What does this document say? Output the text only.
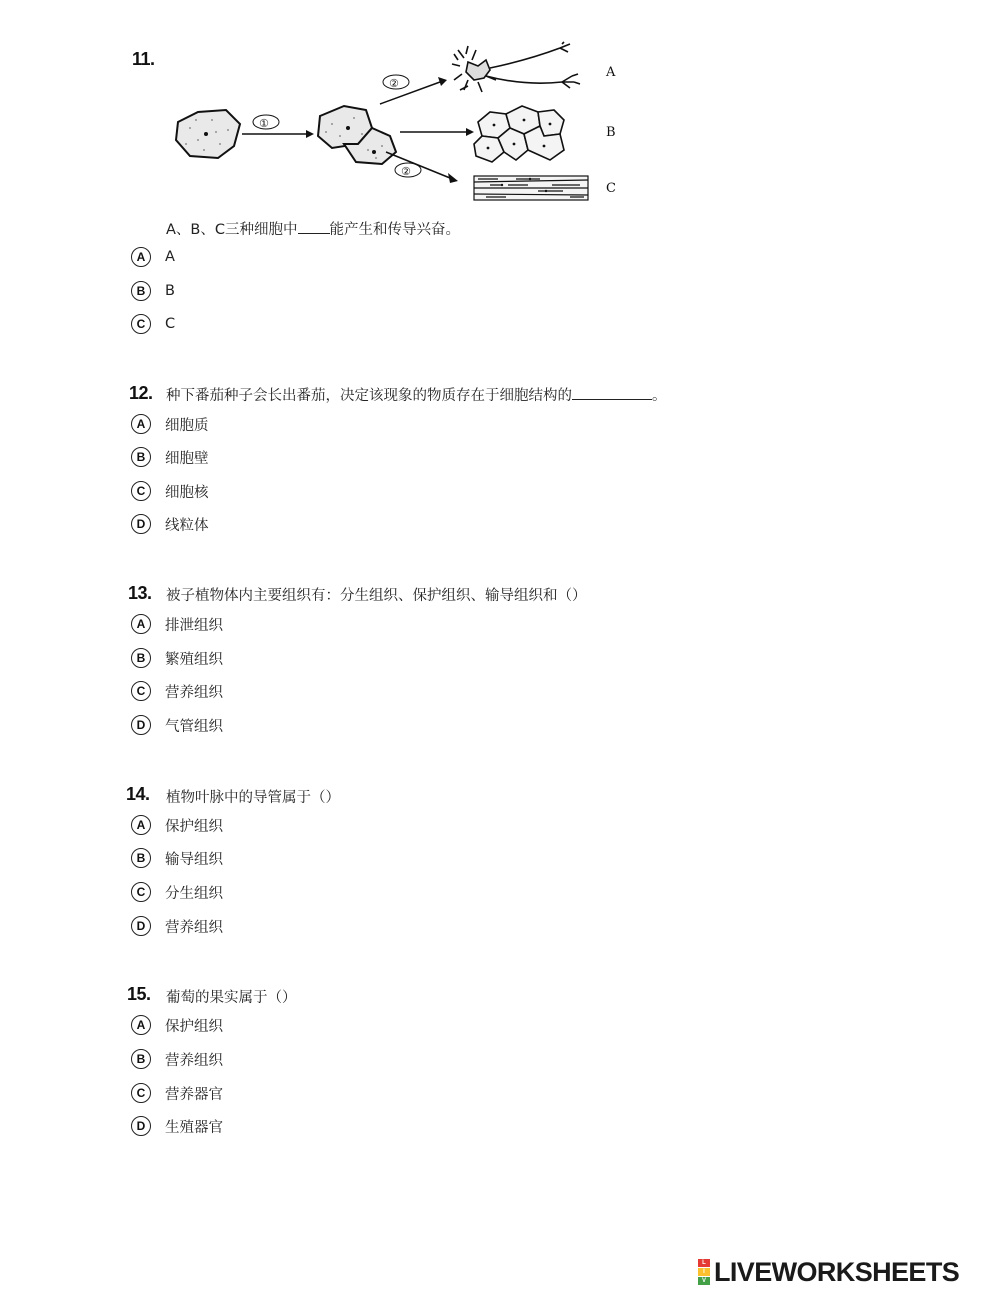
11.
①
②
②
A
B
C
A、B、C三种细胞中 能产生和传导兴奋。
A	A
B	B
C	C
12. 种下番茄种子会长出番茄，决定该现象的物质存在于细胞结构的	。
A	细胞质
B	细胞壁
C	细胞核
D	线粒体
13. 被子植物体内主要组织有：分生组织、保护组织、输导组织和（）
A	排泄组织
B	繁殖组织
C	营养组织
D	气管组织
14. 植物叶脉中的导管属于（）
A	保护组织
B	输导组织
C	分生组织
D	营养组织
15. 葡萄的果实属于（）
A	保护组织
B	营养组织
C	营养器官
D	生殖器官
L
I
V LIVEWORKSHEETS
